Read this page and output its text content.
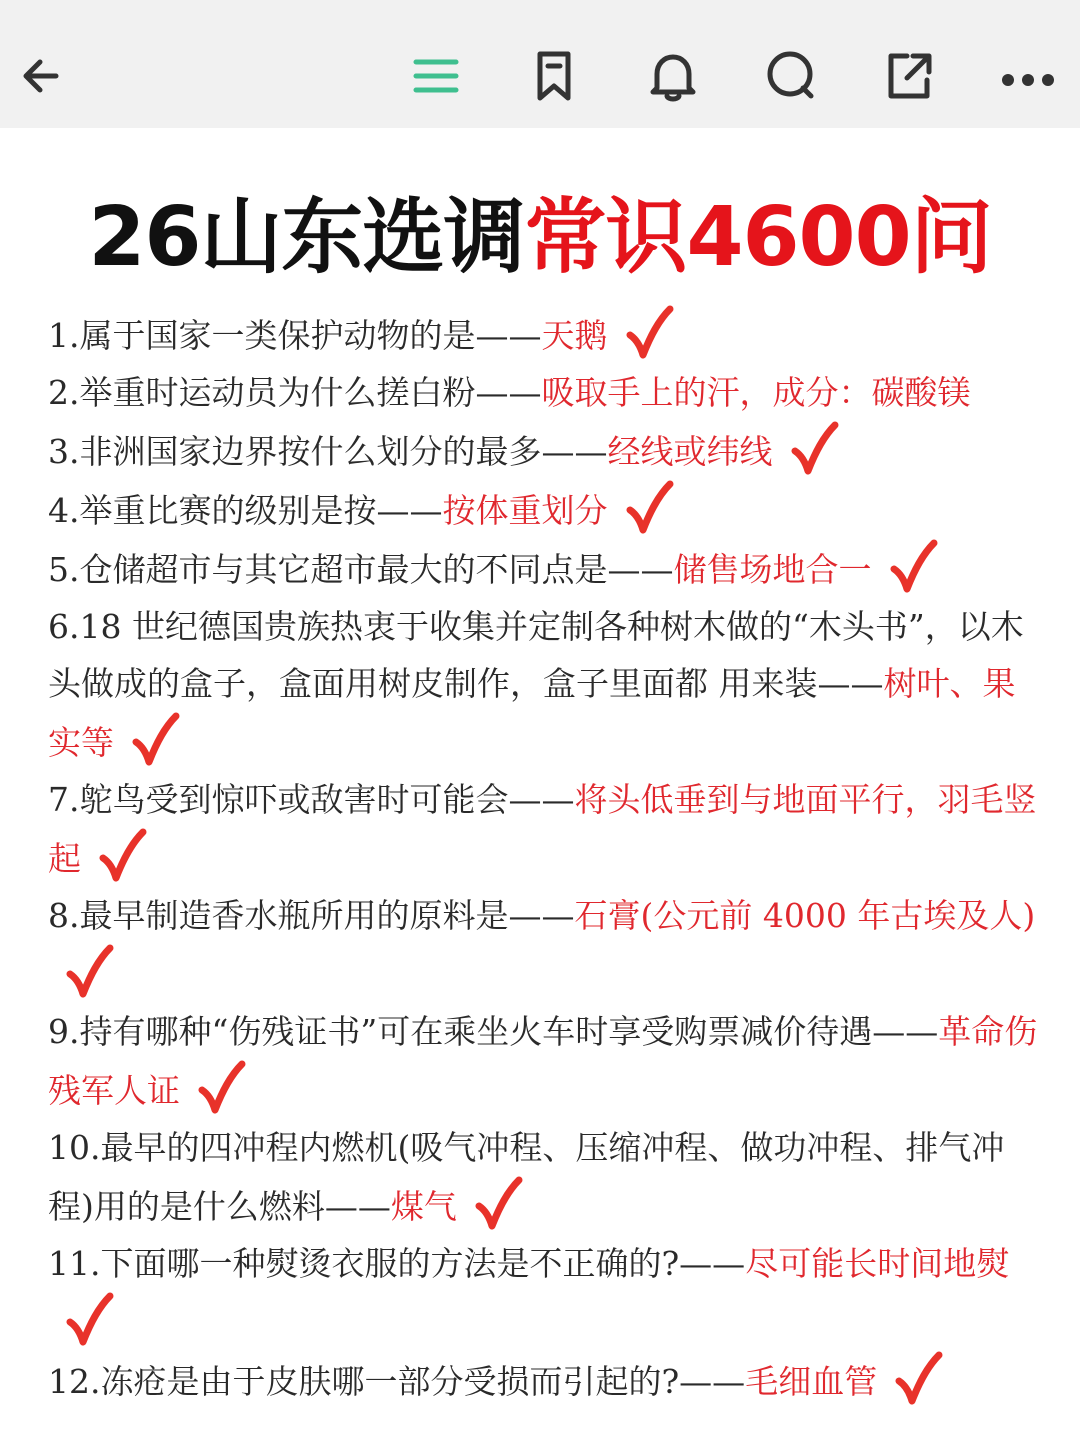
26山东选调常识4600问

1.属于国家一类保护动物的是——天鹅

2.举重时运动员为什么搓白粉——吸取手上的汗，成分：碳酸镁

3.非洲国家边界按什么划分的最多——经线或纬线

4.举重比赛的级别是按——按体重划分

5.仓储超市与其它超市最大的不同点是——储售场地合一

6.18 世纪德国贵族热衷于收集并定制各种树木做的“木头书”，以木头做成的盒子，盒面用树皮制作，盒子里面都 用来装——树叶、果实等

7.鸵鸟受到惊吓或敌害时可能会——将头低垂到与地面平行，羽毛竖起

8.最早制造香水瓶所用的原料是——石膏(公元前 4000 年古埃及人)

9.持有哪种“伤残证书”可在乘坐火车时享受购票减价待遇——革命伤残军人证

10.最早的四冲程内燃机(吸气冲程、压缩冲程、做功冲程、排气冲程)用的是什么燃料——煤气

11.下面哪一种熨烫衣服的方法是不正确的?——尽可能长时间地熨

12.冻疮是由于皮肤哪一部分受损而引起的?——毛细血管
